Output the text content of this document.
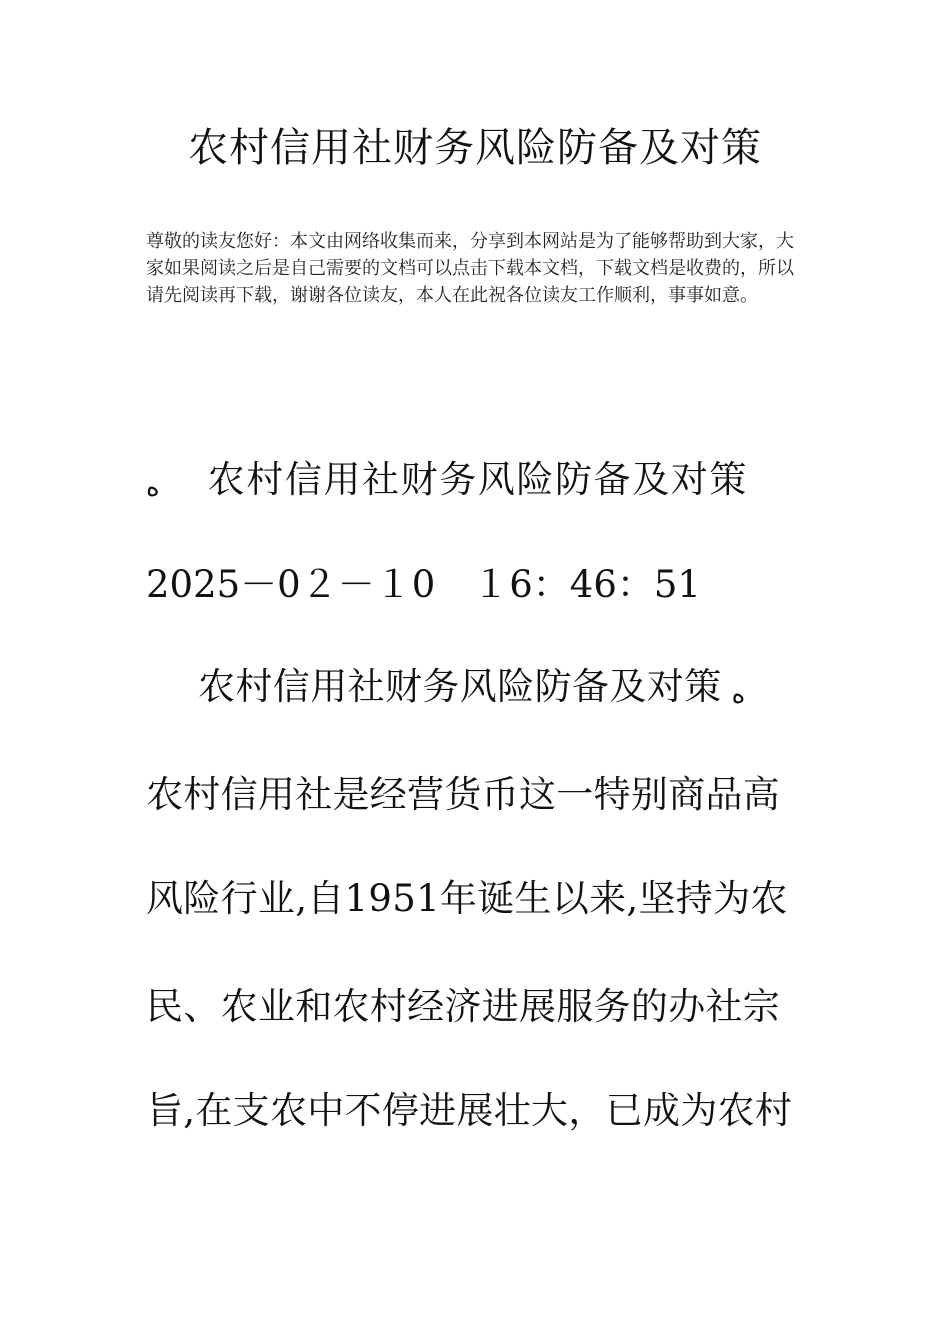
农村信用社财务风险防备及对策
尊敬的读友您好：本文由网络收集而来，分享到本网站是为了能够帮助到大家，大家如果阅读之后是自己需要的文档可以点击下载本文档，下载文档是收费的，所以请先阅读再下载，谢谢各位读友，本人在此祝各位读友工作顺利，事事如意。
ﻩ 农村信用社财务风险防备及对策
2025－0２－１0　１6：46：51
农村信用社财务风险防备及对策 ﻩ
农村信用社是经营货币这一特别商品高
风险行业,自1951年诞生以来,坚持为农
民、农业和农村经济进展服务的办社宗
旨,在支农中不停进展壮大，已成为农村
